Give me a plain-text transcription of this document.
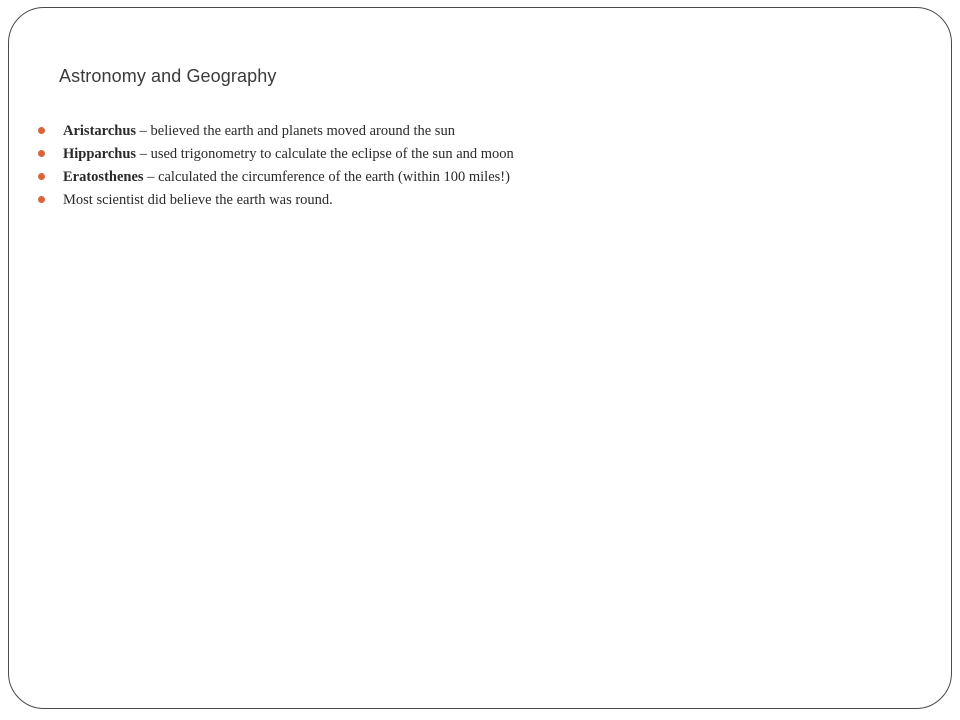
Astronomy and Geography
Aristarchus – believed the earth and planets moved around the sun
Hipparchus – used trigonometry to calculate the eclipse of the sun and moon
Eratosthenes – calculated the circumference of the earth (within 100 miles!)
Most scientist did believe the earth was round.
